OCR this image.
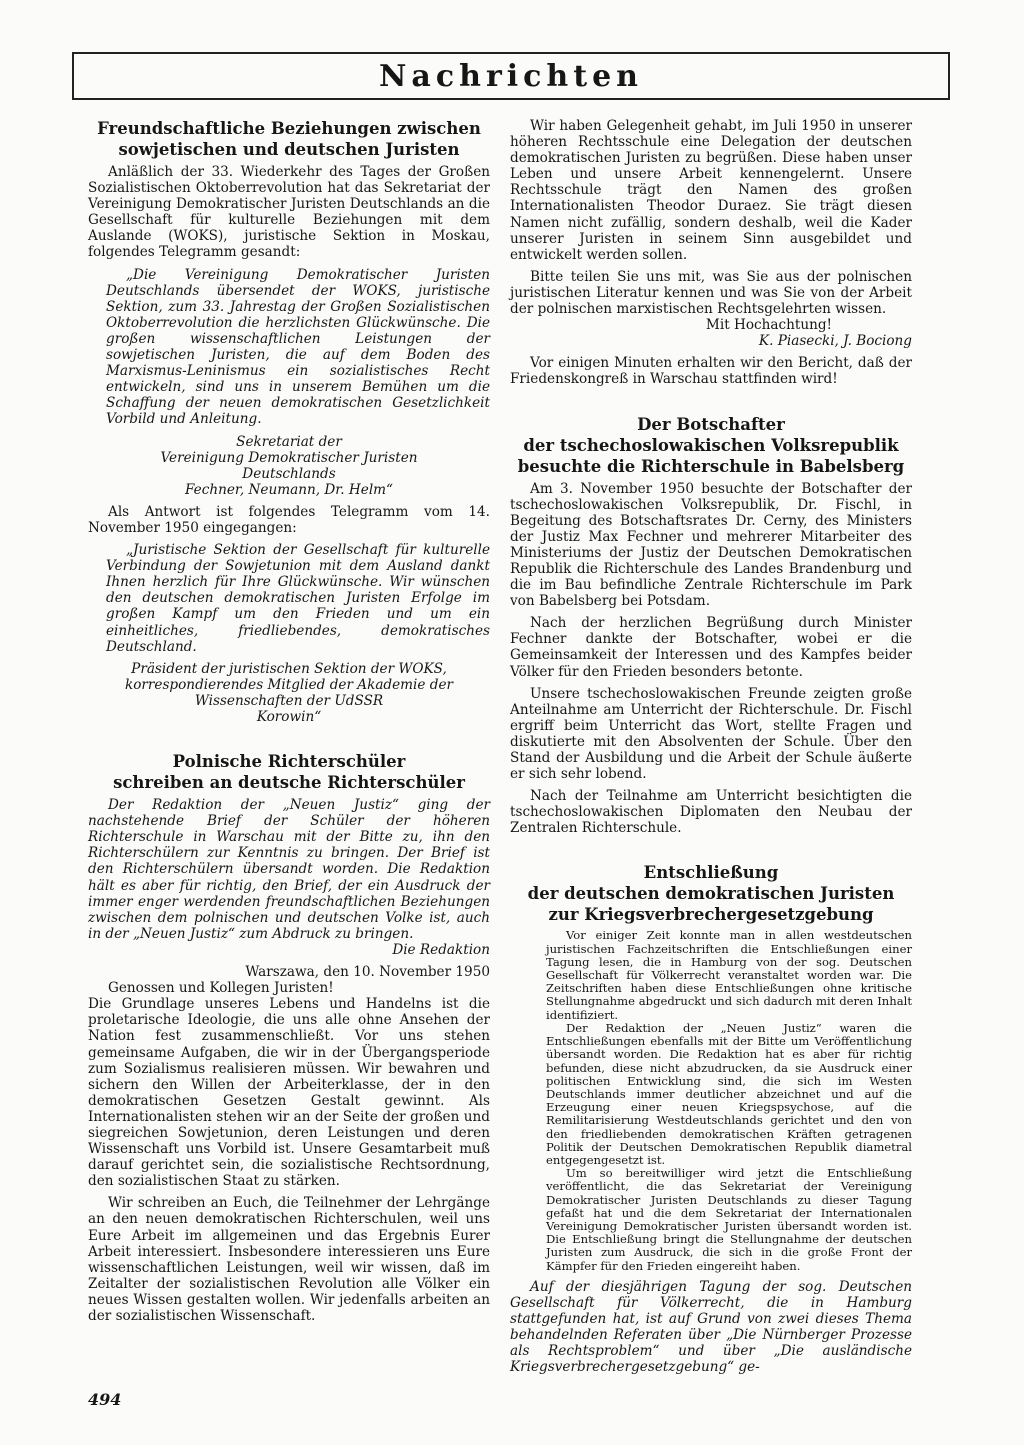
Nachrichten
Freundschaftliche Beziehungen zwischen
sowjetischen und deutschen Juristen

Anläßlich der 33. Wiederkehr des Tages der Großen Sozialistischen Oktoberrevolution hat das Sekretariat der Vereinigung Demokratischer Juristen Deutschlands an die Gesellschaft für kulturelle Beziehungen mit dem Auslande (WOKS), juristische Sektion in Moskau, folgendes Telegramm gesandt:

„Die Vereinigung Demokratischer Juristen Deutschlands übersendet der WOKS, juristische Sektion, zum 33. Jahrestag der Großen Sozialistischen Oktoberrevolution die herzlichsten Glückwünsche. Die großen wissenschaftlichen Leistungen der sowjetischen Juristen, die auf dem Boden des Marxismus-Leninismus ein sozialistisches Recht entwickeln, sind uns in unserem Bemühen um die Schaffung der neuen demokratischen Gesetzlichkeit Vorbild und Anleitung.

Sekretariat der
Vereinigung Demokratischer Juristen
Deutschlands
Fechner, Neumann, Dr. Helm“

Als Antwort ist folgendes Telegramm vom 14. November 1950 eingegangen:

„Juristische Sektion der Gesellschaft für kulturelle Verbindung der Sowjetunion mit dem Ausland dankt Ihnen herzlich für Ihre Glückwünsche. Wir wünschen den deutschen demokratischen Juristen Erfolge im großen Kampf um den Frieden und um ein einheitliches, friedliebendes, demokratisches Deutschland.

Präsident der juristischen Sektion der WOKS,
korrespondierendes Mitglied der Akademie der
Wissenschaften der UdSSR
Korowin“
Polnische Richterschüler
schreiben an deutsche Richterschüler

Der Redaktion der „Neuen Justiz“ ging der nachstehende Brief der Schüler der höheren Richterschule in Warschau mit der Bitte zu, ihn den Richterschülern zur Kenntnis zu bringen. Der Brief ist den Richterschülern übersandt worden. Die Redaktion hält es aber für richtig, den Brief, der ein Ausdruck der immer enger werdenden freundschaftlichen Beziehungen zwischen dem polnischen und deutschen Volke ist, auch in der „Neuen Justiz“ zum Abdruck zu bringen.

Die Redaktion

Warszawa, den 10. November 1950

Genossen und Kollegen Juristen!

Die Grundlage unseres Lebens und Handelns ist die proletarische Ideologie, die uns alle ohne Ansehen der Nation fest zusammenschließt. Vor uns stehen gemeinsame Aufgaben, die wir in der Übergangsperiode zum Sozialismus realisieren müssen. Wir bewahren und sichern den Willen der Arbeiterklasse, der in den demokratischen Gesetzen Gestalt gewinnt. Als Internationalisten stehen wir an der Seite der großen und siegreichen Sowjetunion, deren Leistungen und deren Wissenschaft uns Vorbild ist. Unsere Gesamtarbeit muß darauf gerichtet sein, die sozialistische Rechtsordnung, den sozialistischen Staat zu stärken.

Wir schreiben an Euch, die Teilnehmer der Lehrgänge an den neuen demokratischen Richterschulen, weil uns Eure Arbeit im allgemeinen und das Ergebnis Eurer Arbeit interessiert. Insbesondere interessieren uns Eure wissenschaftlichen Leistungen, weil wir wissen, daß im Zeitalter der sozialistischen Revolution alle Völker ein neues Wissen gestalten wollen. Wir jedenfalls arbeiten an der sozialistischen Wissenschaft.

Wir haben Gelegenheit gehabt, im Juli 1950 in unserer höheren Rechtsschule eine Delegation der deutschen demokratischen Juristen zu begrüßen. Diese haben unser Leben und unsere Arbeit kennengelernt. Unsere Rechtsschule trägt den Namen des großen Internationalisten Theodor Duraez. Sie trägt diesen Namen nicht zufällig, sondern deshalb, weil die Kader unserer Juristen in seinem Sinn ausgebildet und entwickelt werden sollen.

Bitte teilen Sie uns mit, was Sie aus der polnischen juristischen Literatur kennen und was Sie von der Arbeit der polnischen marxistischen Rechtsgelehrten wissen.

Mit Hochachtung!

K. Piasecki, J. Bociong

Vor einigen Minuten erhalten wir den Bericht, daß der Friedenskongreß in Warschau stattfinden wird!

Der Botschafter
der tschechoslowakischen Volksrepublik
besuchte die Richterschule in Babelsberg

Am 3. November 1950 besuchte der Botschafter der tschechoslowakischen Volksrepublik, Dr. Fischl, in Begeitung des Botschaftsrates Dr. Cerny, des Ministers der Justiz Max Fechner und mehrerer Mitarbeiter des Ministeriums der Justiz der Deutschen Demokratischen Republik die Richterschule des Landes Brandenburg und die im Bau befindliche Zentrale Richterschule im Park von Babelsberg bei Potsdam.

Nach der herzlichen Begrüßung durch Minister Fechner dankte der Botschafter, wobei er die Gemeinsamkeit der Interessen und des Kampfes beider Völker für den Frieden besonders betonte.

Unsere tschechoslowakischen Freunde zeigten große Anteilnahme am Unterricht der Richterschule. Dr. Fischl ergriff beim Unterricht das Wort, stellte Fragen und diskutierte mit den Absolventen der Schule. Über den Stand der Ausbildung und die Arbeit der Schule äußerte er sich sehr lobend.

Nach der Teilnahme am Unterricht besichtigten die tschechoslowakischen Diplomaten den Neubau der Zentralen Richterschule.

Entschließung
der deutschen demokratischen Juristen
zur Kriegsverbrechergesetzgebung

Vor einiger Zeit konnte man in allen westdeutschen juristischen Fachzeitschriften die Entschließungen einer Tagung lesen, die in Hamburg von der sog. Deutschen Gesellschaft für Völkerrecht veranstaltet worden war. Die Zeitschriften haben diese Entschließungen ohne kritische Stellungnahme abgedruckt und sich dadurch mit deren Inhalt identifiziert.

Der Redaktion der „Neuen Justiz“ waren die Entschließungen ebenfalls mit der Bitte um Veröffentlichung übersandt worden. Die Redaktion hat es aber für richtig befunden, diese nicht abzudrucken, da sie Ausdruck einer politischen Entwicklung sind, die sich im Westen Deutschlands immer deutlicher abzeichnet und auf die Erzeugung einer neuen Kriegspsychose, auf die Remilitarisierung Westdeutschlands gerichtet und den von den friedliebenden demokratischen Kräften getragenen Politik der Deutschen Demokratischen Republik diametral entgegengesetzt ist.

Um so bereitwilliger wird jetzt die Entschließung veröffentlicht, die das Sekretariat der Vereinigung Demokratischer Juristen Deutschlands zu dieser Tagung gefaßt hat und die dem Sekretariat der Internationalen Vereinigung Demokratischer Juristen übersandt worden ist. Die Entschließung bringt die Stellungnahme der deutschen Juristen zum Ausdruck, die sich in die große Front der Kämpfer für den Frieden eingereiht haben.

Auf der diesjährigen Tagung der sog. Deutschen Gesellschaft für Völkerrecht, die in Hamburg stattgefunden hat, ist auf Grund von zwei dieses Thema behandelnden Referaten über „Die Nürnberger Prozesse als Rechtsproblem“ und über „Die ausländische Kriegsverbrechergesetzgebung“ ge-

494
